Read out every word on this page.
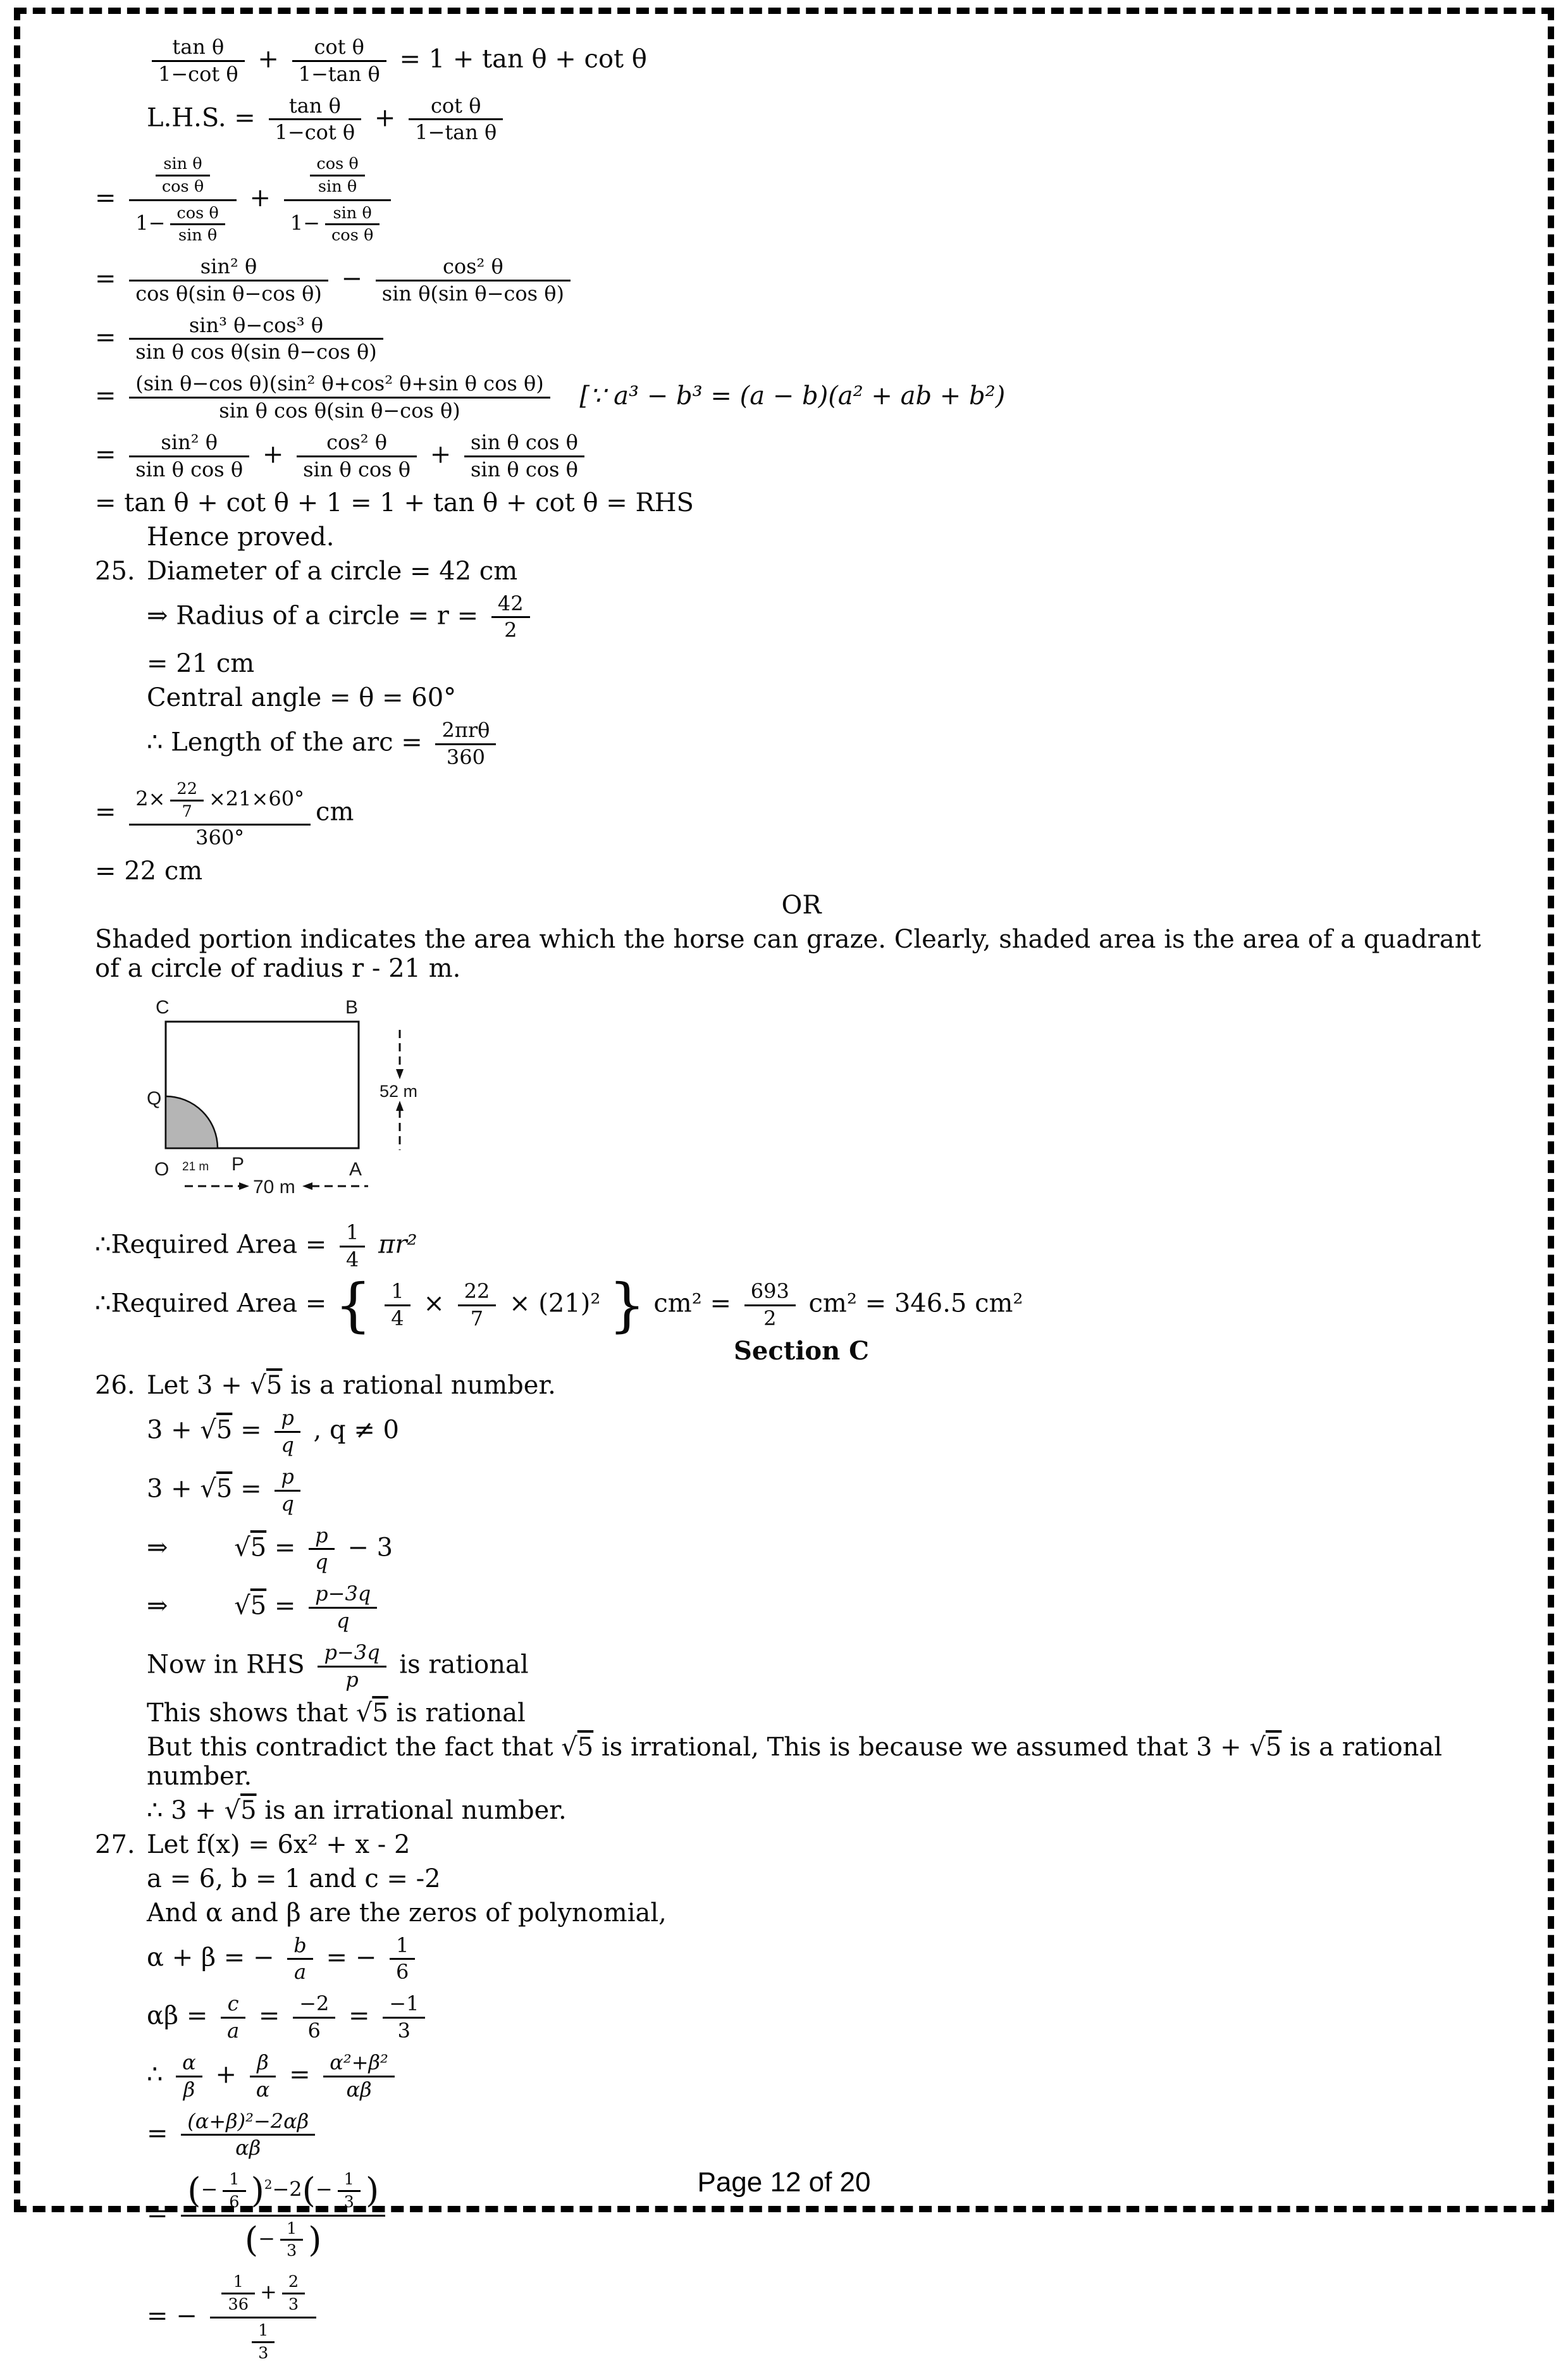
$\frac{\text{tan θ}}{\text{1−cot θ}} + \frac{\text{cot θ}}{\text{1−tan θ}} = 1 + \tan \theta + \cot \theta$
L.H.S. = $\frac{\text{tan θ}}{\text{1−cot θ}} + \frac{\text{cot θ}}{\text{1−tan θ}}$
= $\frac{\frac{\text{sin θ}}{\text{cos θ}}}{1- \frac{\text{cos θ}}{\text{sin θ}}} + \frac{\frac{\text{cos θ}}{\text{sin θ}}}{1- \frac{\text{sin θ}}{\text{cos θ}}}$
= $\frac{\text{sin² θ}}{\text{cos θ(sin θ−cos θ)}} - \frac{\text{cos² θ}}{\text{sin θ(sin θ−cos θ)}}$
= $\frac{\text{sin³ θ−cos³ θ}}{\text{sin θ cos θ(sin θ−cos θ)}}$
= $\frac{\text{(sin θ−cos θ)(sin² θ+cos² θ+sin θ cos θ)}}{\text{sin θ cos θ(sin θ−cos θ)}}$ [∵ a³ − b³ = (a − b)(a² + ab + b²)
= $\frac{\text{sin² θ}}{\text{sin θ cos θ}} + \frac{\text{cos² θ}}{\text{sin θ cos θ}} + \frac{\text{sin θ cos θ}}{\text{sin θ cos θ}}$
= tan θ + cot θ + 1 = 1 + tan θ + cot θ = RHS
Hence proved.
25. Diameter of a circle = 42 cm
⇒ Radius of a circle = $r = \frac{42}{2}$
= 21 cm
Central angle = θ = 60°
∴ Length of the arc = 2πrθ
360
= $\frac{2\times \frac{22}{7} \times 21\times 60^\circ}{360^\circ}$ cm
= 22 cm
OR
Shaded portion indicates the area which the horse can graze. Clearly, shaded area is the area of a quadrant of a circle of radius r - 21 m.
C	B
Q
O	P	A
21 m
52 m
70 m
∴Required Area = $\frac{1}{4} \pi r^2$
∴Required Area = { $\frac{1}{4} \times \frac{22}{7} \times (21)^2$ } $cm^2 = \frac{693}{2} cm^2 = 346.5$ cm²
Section C
26. Let 3 + √5 is a rational number.
$3 + √5 = \frac{p}{q}$ , q ≠ 0
$3 + √5 = \frac{p}{q}$
⇒	$√5 = \frac{p}{q} - 3$
⇒	$√5 = \frac{p-3q}{q}$
Now in RHS $\frac{p-3q}{p}$ is rational
This shows that √5 is rational
But this contradict the fact that √5 is irrational, This is because we assumed that 3 + √5 is a rational number.
∴ 3 + √5 is an irrational number.
27. Let f(x) = 6x² + x - 2
a = 6, b = 1 and c = -2
And α and β are the zeros of polynomial,
α + β = − $\frac{b}{a}$ = − $\frac{1}{6}$
$\alpha\beta = \frac{c}{a} = \frac{-2}{6} = \frac{-1}{3}$
∴ $\frac{\alpha}{\beta} + \frac{\beta}{\alpha} = \frac{\text{α²+β²}}{\alpha\beta}$
= $\frac{\text{(α+β)²−2αβ}}{\alpha\beta}$
= $\frac{(- \frac{1}{6} )^2-2(- \frac{1}{3} )}{(- \frac{1}{3} )}$
= − $\frac{\frac{1}{36} + \frac{2}{3}}{\frac{1}{3}}$
Page 12 of 20
